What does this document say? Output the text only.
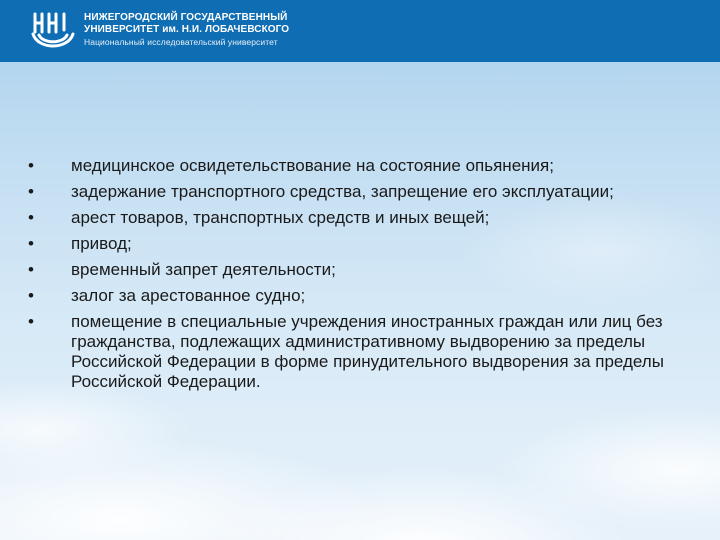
НИЖЕГОРОДСКИЙ ГОСУДАРСТВЕННЫЙ
УНИВЕРСИТЕТ им. Н.И. ЛОБАЧЕВСКОГО
Национальный исследовательский университет
• медицинское освидетельствование на состояние опьянения;
• задержание транспортного средства, запрещение его эксплуатации;
• арест товаров, транспортных средств и иных вещей;
• привод;
• временный запрет деятельности;
• залог за арестованное судно;
• помещение в специальные учреждения иностранных граждан или лиц без гражданства, подлежащих административному выдворению за пределы Российской Федерации в форме принудительного выдворения за пределы Российской Федерации.
